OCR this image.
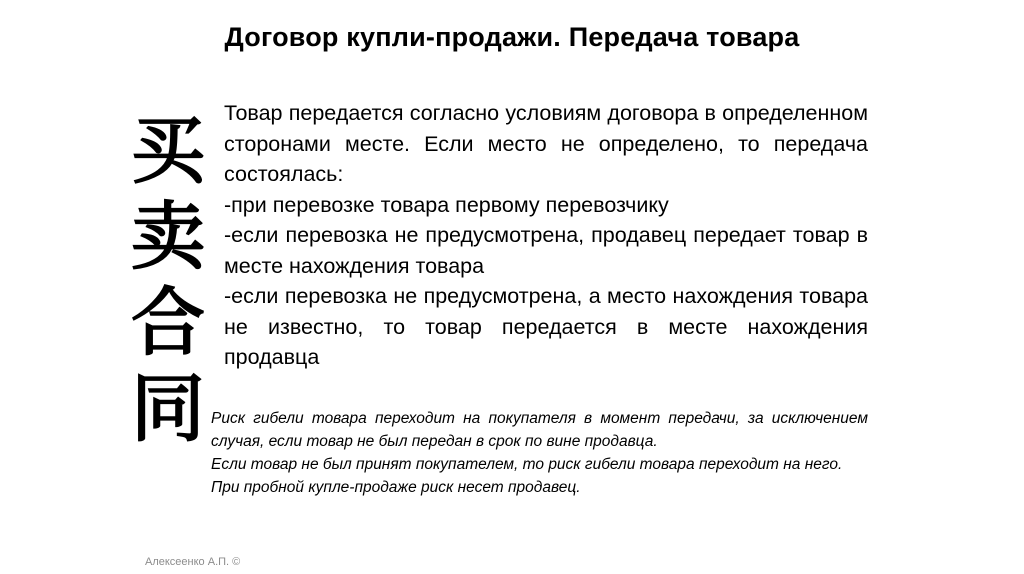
Договор купли-продажи. Передача товара
买
卖
合
同

Товар передается согласно условиям договора в определенном сторонами месте. Если место не определено, то передача состоялась:

-при перевозке товара первому перевозчику

-если перевозка не предусмотрена, продавец передает товар в месте нахождения товара

-если перевозка не предусмотрена, а место нахождения товара не известно, то товар передается в месте нахождения продавца

Риск гибели товара переходит на покупателя в момент передачи, за исключением случая, если товар не был передан в срок по вине продавца.

Если товар не был принят покупателем, то риск гибели товара переходит на него.

При пробной купле-продаже риск несет продавец.

Алексеенко А.П. ©
